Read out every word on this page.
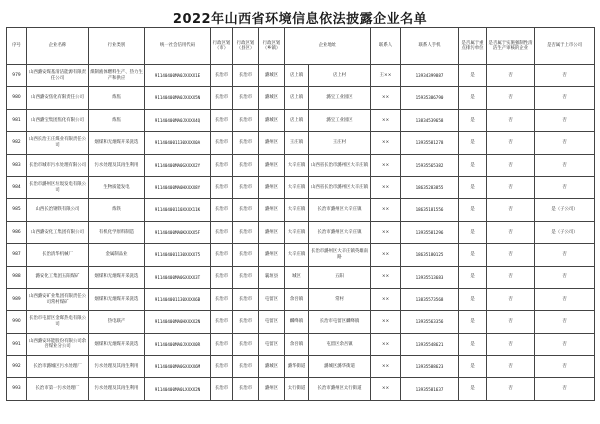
2022年山西省环境信息依法披露企业名单
序号	企业名称	行业类别	统一社会信用代码	行政区划（市）	行政区划（县区）	行政区划（乡镇）	企业地址		联系人	联系人手机	是否属于重点排污单位	是否属于实施强制性清洁生产审核的企业	是否属于上市公司
979	山西潞安煤基清洁能源有限责任公司	煤制液体燃料生产、热力生产和供应	91140400MA0JXXXX1E	长治市	长治市	潞城区	店上镇	店上村	王××	13934399887	是	否	否
980	山西潞安焦化有限责任公司	炼焦	91140400MA0JXXXX5N	长治市	长治市	潞城区	店上镇	潞宝工业园区	××	15935386790	是	否	否
981	山西潞宝集团焦化有限公司	炼焦	91140400MA0JXXXX4Q	长治市	长治市	潞城区	店上镇	潞宝工业园区	××	13834539658	是	否	否
982	山西长治王庄煤业有限责任公司	烟煤和无烟煤开采洗选	911404001130XXXX0A	长治市	长治市	潞州区	王庄镇	王庄村	××	13935581278	是	否	否
983	长治市城市污水处理有限公司	污水处理及其再生利用	91140400MA0GXXXX2Y	长治市	长治市	潞州区	大辛庄镇	山西省长治市潞州区大辛庄镇	××	15935565382	是	否	否
984	长治市潞州区垃圾发电有限公司	生物质能发电	91140400MA0HXXXX8Y	长治市	长治市	潞州区	大辛庄镇	山西省长治市潞州区大辛庄镇	××	18635283855	是	否	否
985	山西长治钢铁有限公司	炼铁	91140400110XXXX11K	长治市	长治市	潞州区	大辛庄镇	长治市潞州区大辛庄镇	××	18635181556	是	否	是（子公司）
986	山西潞安化工集团有限公司	有机化学原料制造	91140400MA0KXXXX5F	长治市	长治市	潞州区	大辛庄镇	长治市潞州区大辛庄镇	××	13935581296	是	否	是（子公司）
987	长治清华机械厂	金属制品业	911404001130XXXX75	长治市	长治市	潞州区	大辛庄镇	长治市潞州区大辛庄镇英雄南路	××	18635180125	是	否	否
988	潞安化工集团五阳煤矿	烟煤和无烟煤开采洗选	91140400MA0GXXXX3T	长治市	长治市	襄垣县	城区	五阳	××	13935513683	是	否	否
989	山西潞安矿业集团有限责任公司常村煤矿	烟煤和无烟煤开采洗选	911404001130XXXX6B	长治市	长治市	屯留区	余吾镇	常村	××	13835573568	是	否	否
990	长治市屯留区金晖热电有限公司	热电联产	91140400MA0HXXXX2N	长治市	长治市	屯留区	麟绛镇	长治市屯留区麟绛镇	××	13935563356	是	否	否
991	山西潞安环能股份有限公司余吾煤业分公司	烟煤和无烟煤开采洗选	91140400MA0JXXXX0R	长治市	长治市	屯留区	余吾镇	屯留区余吾镇	××	13935548621	是	否	否
992	长治市潞城区污水处理厂	污水处理及其再生利用	91140400MA0GXXXX6M	长治市	长治市	潞城区	潞华街道	潞城区潞华街道	××	13935588623	是	否	否
993	长治市第一污水处理厂	污水处理及其再生利用	91140400MA0LXXXX2N	长治市	长治市	潞州区	太行街道	长治市潞州区太行街道	××	13935581637	是	否	否
